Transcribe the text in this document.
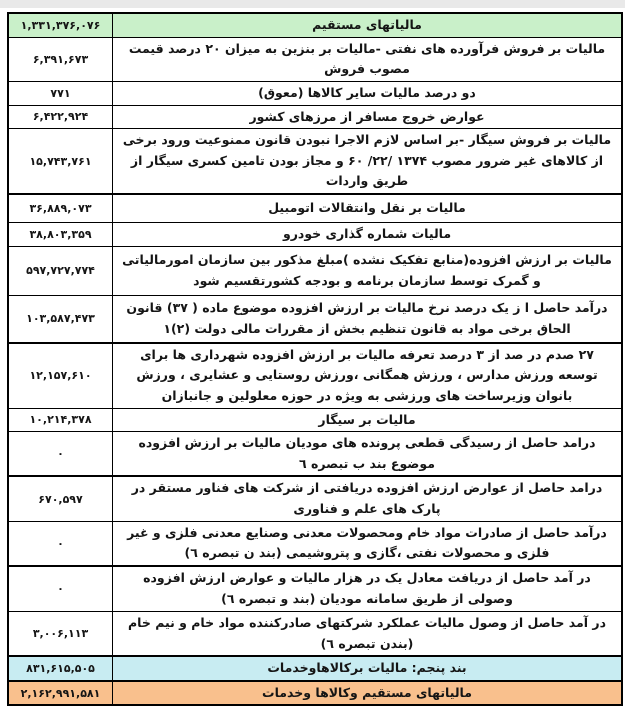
مالیاتهای مستقیم
۱,۳۳۱,۳۷۶,۰۷۶
مالیات بر فروش فرآورده های نفتی -مالیات بر بنزین به میزان ۲۰ درصد قیمت مصوب فروش
۶,۳۹۱,۶۷۳
دو درصد مالیات سایر کالاها (معوق)
۷۷۱
عوارض خروج مسافر از مرزهای کشور
۶,۴۲۲,۹۲۴
مالیات بر فروش سیگار -بر اساس لازم الاجرا نبودن قانون ممنوعیت ورود برخی از کالاهای غیر ضرور مصوب ۱۳۷۴ /۲۲/ ۶۰ و مجاز بودن تامین کسری سیگار از طریق واردات
۱۵,۷۴۳,۷۶۱
مالیات بر نقل وانتقالات اتومبیل
۳۶,۸۸۹,۰۷۳
مالیات شماره گذاری خودرو
۳۸,۸۰۳,۳۵۹
مالیات بر ارزش افزوده(منابع تفکیک نشده )مبلغ مذکور بین سازمان امورمالیاتی و گمرک توسط سازمان برنامه و بودجه کشورتقسیم شود
۵۹۷,۷۲۷,۷۷۴
درآمد حاصل ا ز یک درصد نرخ مالیات بر ارزش افزوده موضوع ماده ( ۳۷) قانون الحاق برخی مواد به قانون تنظیم بخش از مقررات مالی دولت (۲)۱
۱۰۳,۵۸۷,۴۷۳
۲۷ صدم در صد از ۳ درصد تعرفه مالیات بر ارزش افزوده شهرداری ها برای توسعه ورزش مدارس ، ورزش همگانی ،ورزش روستایی و عشایری ، ورزش بانوان وزیرساخت های ورزشی به ویژه در حوزه معلولین و جانبازان
۱۲,۱۵۷,۶۱۰
مالیات بر سیگار
۱۰,۲۱۴,۳۷۸
درامد حاصل از رسیدگی قطعی پرونده های مودیان مالیات بر ارزش افزوده موضوع بند ب تبصره ٦
۰
درامد حاصل از عوارض ارزش افزوده دریافتی از شرکت های فناور مستقر در پارک های علم و فناوری
۶۷۰,۵۹۷
درآمد حاصل از صادرات مواد خام ومحصولات معدنی وصنایع معدنی فلزی و غیر فلزی و محصولات نفتی ،گازی و پتروشیمی (بند ن تبصره ٦)
۰
در آمد حاصل از دریافت معادل یک در هزار مالیات و عوارض ارزش افزوده وصولی از طریق سامانه مودیان (بند و تبصره ٦)
۰
در آمد حاصل از وصول مالیات عملکرد شرکتهای صادرکننده مواد خام و نیم خام (بندن تبصره ٦)
۳,۰۰۶,۱۱۳
بند پنجم: مالیات برکالاهاوخدمات
۸۳۱,۶۱۵,۵۰۵
مالیاتهای مستقیم وکالاها وخدمات
۲,۱۶۲,۹۹۱,۵۸۱
